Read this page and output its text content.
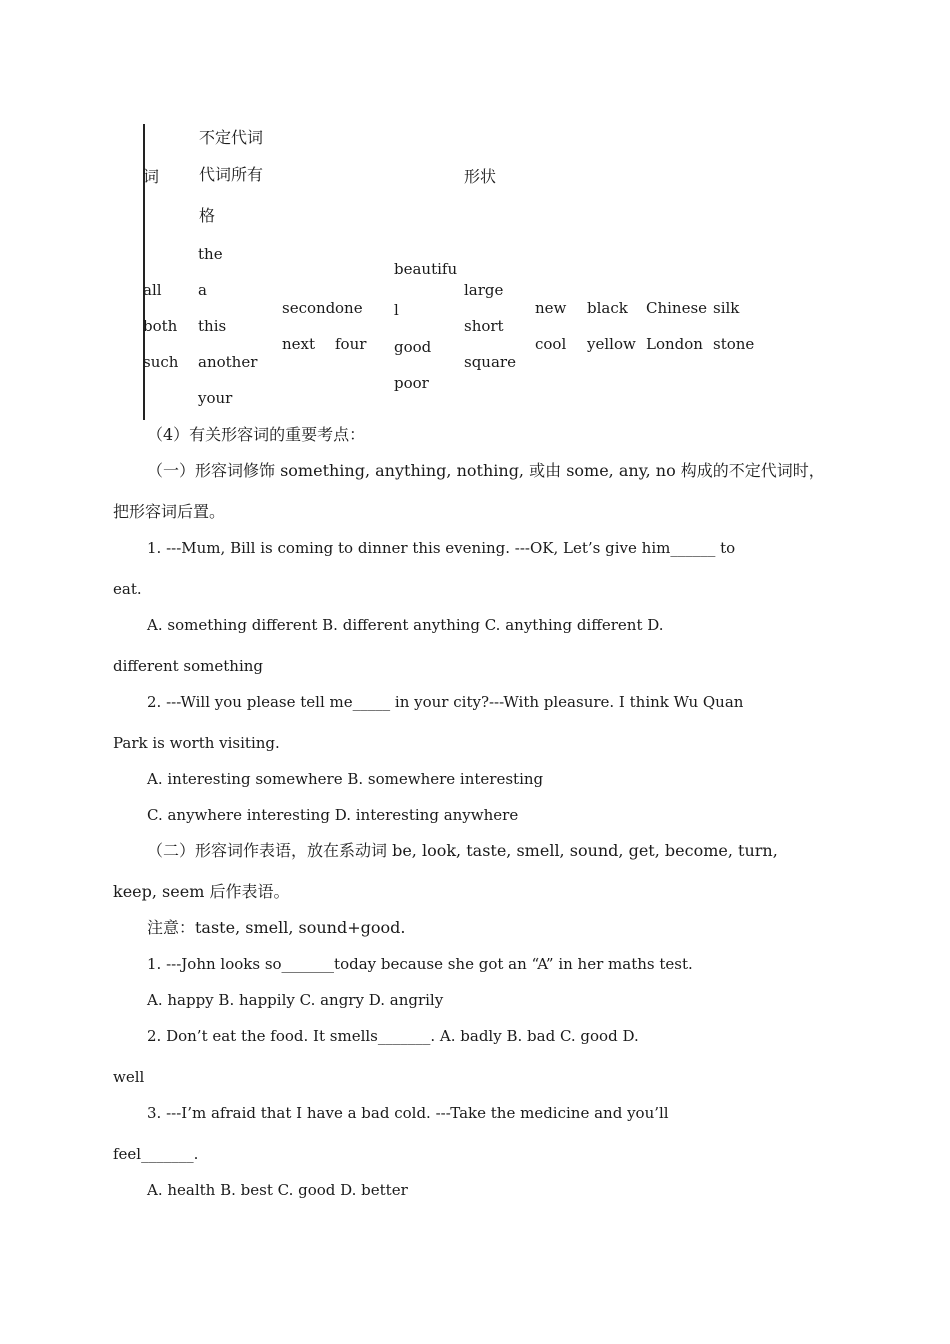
词
不定代词
代词所有
格
形状
all
both
such
the
a
this
another
your
second one
next four
beautifu
l
good
poor
large
short
square
new
cool
black
yellow
Chinese
London
silk
stone
（4）有关形容词的重要考点：
（一）形容词修饰 something, anything, nothing, 或由 some, any, no 构成的不定代词时，
把形容词后置。
1. ---Mum, Bill is coming to dinner this evening. ---OK, Let’s give him______ to
eat.
A. something different B. different anything C. anything different D.
different something
2. ---Will you please tell me_____ in your city?---With pleasure. I think Wu Quan
Park is worth visiting.
A. interesting somewhere B. somewhere interesting
C. anywhere interesting D. interesting anywhere
（二）形容词作表语，放在系动词 be, look, taste, smell, sound, get, become, turn,
keep, seem 后作表语。
注意：taste, smell, sound+good.
1. ---John looks so_______today because she got an “A” in her maths test.
A. happy B. happily C. angry D. angrily
2. Don’t eat the food. It smells_______. A. badly B. bad C. good D.
well
3. ---I’m afraid that I have a bad cold. ---Take the medicine and you’ll
feel_______.
A. health B. best C. good D. better
